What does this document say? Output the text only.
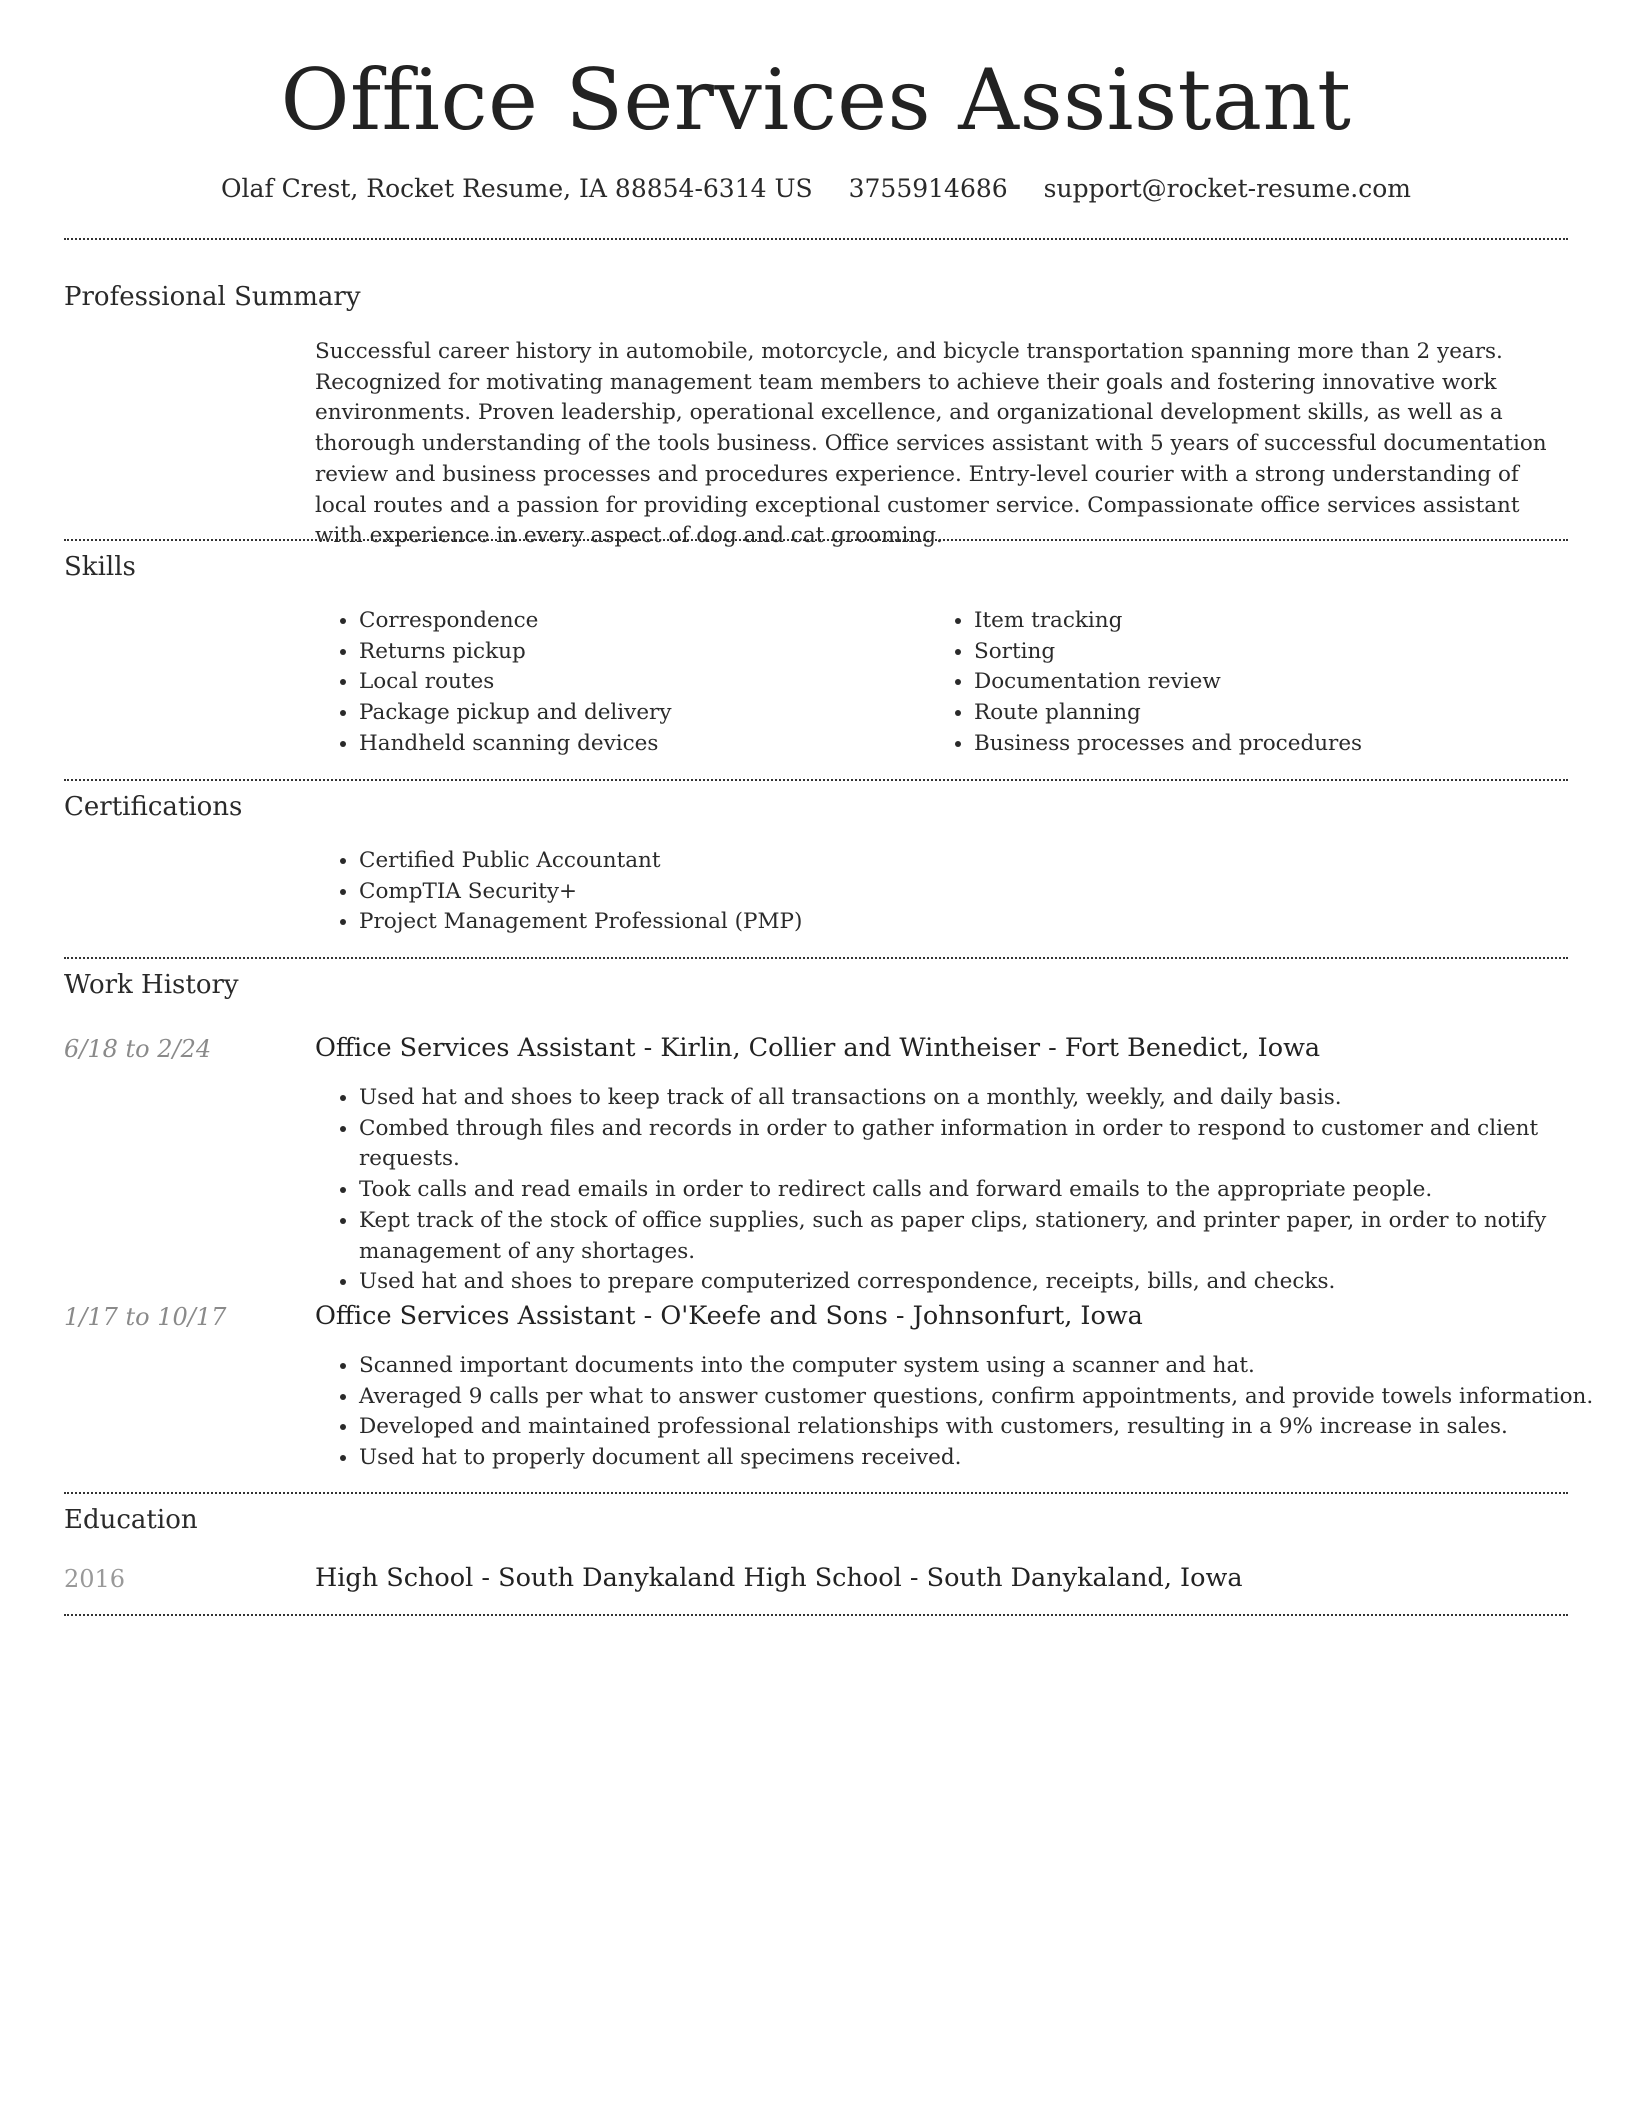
Office Services Assistant
Olaf Crest, Rocket Resume, IA 88854-6314 US 3755914686 support@rocket-resume.com
Professional Summary
Successful career history in automobile, motorcycle, and bicycle transportation spanning more than 2 years. Recognized for motivating management team members to achieve their goals and fostering innovative work environments. Proven leadership, operational excellence, and organizational development skills, as well as a thorough understanding of the tools business. Office services assistant with 5 years of successful documentation review and business processes and procedures experience. Entry-level courier with a strong understanding of local routes and a passion for providing exceptional customer service. Compassionate office services assistant with experience in every aspect of dog and cat grooming.
Skills
• Correspondence
• Returns pickup
• Local routes
• Package pickup and delivery
• Handheld scanning devices
• Item tracking
• Sorting
• Documentation review
• Route planning
• Business processes and procedures
Certifications
• Certified Public Accountant
• CompTIA Security+
• Project Management Professional (PMP)
Work History
6/18 to 2/24	Office Services Assistant - Kirlin, Collier and Wintheiser - Fort Benedict, Iowa
• Used hat and shoes to keep track of all transactions on a monthly, weekly, and daily basis.
• Combed through files and records in order to gather information in order to respond to customer and client requests.
• Took calls and read emails in order to redirect calls and forward emails to the appropriate people.
• Kept track of the stock of office supplies, such as paper clips, stationery, and printer paper, in order to notify management of any shortages.
• Used hat and shoes to prepare computerized correspondence, receipts, bills, and checks.
1/17 to 10/17	Office Services Assistant - O'Keefe and Sons - Johnsonfurt, Iowa
• Scanned important documents into the computer system using a scanner and hat.
• Averaged 9 calls per what to answer customer questions, confirm appointments, and provide towels information.
• Developed and maintained professional relationships with customers, resulting in a 9% increase in sales.
• Used hat to properly document all specimens received.
Education
2016	High School - South Danykaland High School - South Danykaland, Iowa
